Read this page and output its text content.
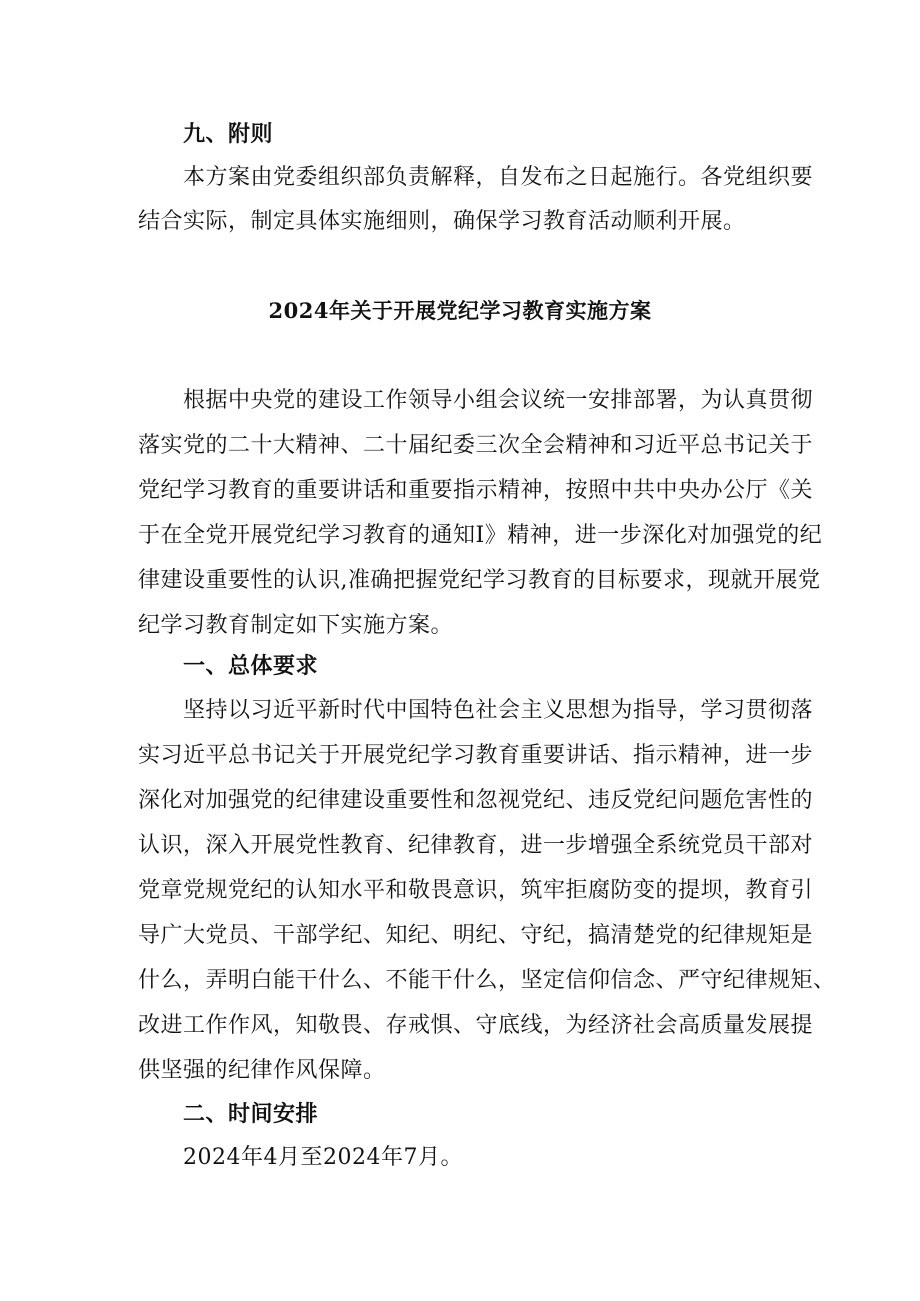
九、附则
本方案由党委组织部负责解释，自发布之日起施行。各党组织要
结合实际，制定具体实施细则，确保学习教育活动顺利开展。
2024年关于开展党纪学习教育实施方案
根据中央党的建设工作领导小组会议统一安排部署，为认真贯彻
落实党的二十大精神、二十届纪委三次全会精神和习近平总书记关于
党纪学习教育的重要讲话和重要指示精神，按照中共中央办公厅《关
于在全党开展党纪学习教育的通知I》精神，进一步深化对加强党的纪
律建设重要性的认识,准确把握党纪学习教育的目标要求，现就开展党
纪学习教育制定如下实施方案。
一、总体要求
坚持以习近平新时代中国特色社会主义思想为指导，学习贯彻落
实习近平总书记关于开展党纪学习教育重要讲话、指示精神，进一步
深化对加强党的纪律建设重要性和忽视党纪、违反党纪问题危害性的
认识，深入开展党性教育、纪律教育，进一步增强全系统党员干部对
党章党规党纪的认知水平和敬畏意识，筑牢拒腐防变的提坝，教育引
导广大党员、干部学纪、知纪、明纪、守纪，搞清楚党的纪律规矩是
什么，弄明白能干什么、不能干什么，坚定信仰信念、严守纪律规矩、
改进工作作风，知敬畏、存戒惧、守底线，为经济社会高质量发展提
供坚强的纪律作风保障。
二、时间安排
2024年4月至2024年7月。
